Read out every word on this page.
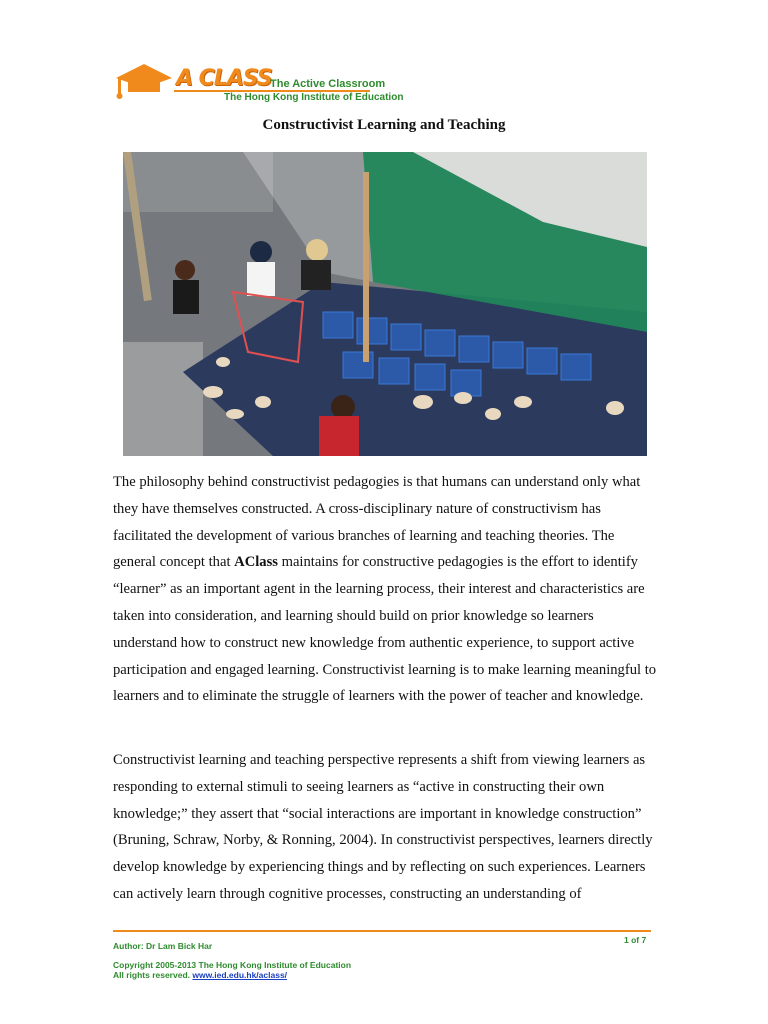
A CLASS
The Active Classroom
The Hong Kong Institute of Education
Constructivist Learning and Teaching

The philosophy behind constructivist pedagogies is that humans can understand only what they have themselves constructed. A cross-disciplinary nature of constructivism has facilitated the development of various branches of learning and teaching theories. The general concept that AClass maintains for constructive pedagogies is the effort to identify “learner” as an important agent in the learning process, their interest and characteristics are taken into consideration, and learning should build on prior knowledge so learners understand how to construct new knowledge from authentic experience, to support active participation and engaged learning. Constructivist learning is to make learning meaningful to learners and to eliminate the struggle of learners with the power of teacher and knowledge.

Constructivist learning and teaching perspective represents a shift from viewing learners as responding to external stimuli to seeing learners as “active in constructing their own knowledge;” they assert that “social interactions are important in knowledge construction” (Bruning, Schraw, Norby, & Ronning, 2004). In constructivist perspectives, learners directly develop knowledge by experiencing things and by reflecting on such experiences. Learners can actively learn through cognitive processes, constructing an understanding of

1 of 7
Author: Dr Lam Bick Har
Copyright 2005-2013 The Hong Kong Institute of Education
All rights reserved. www.ied.edu.hk/aclass/
